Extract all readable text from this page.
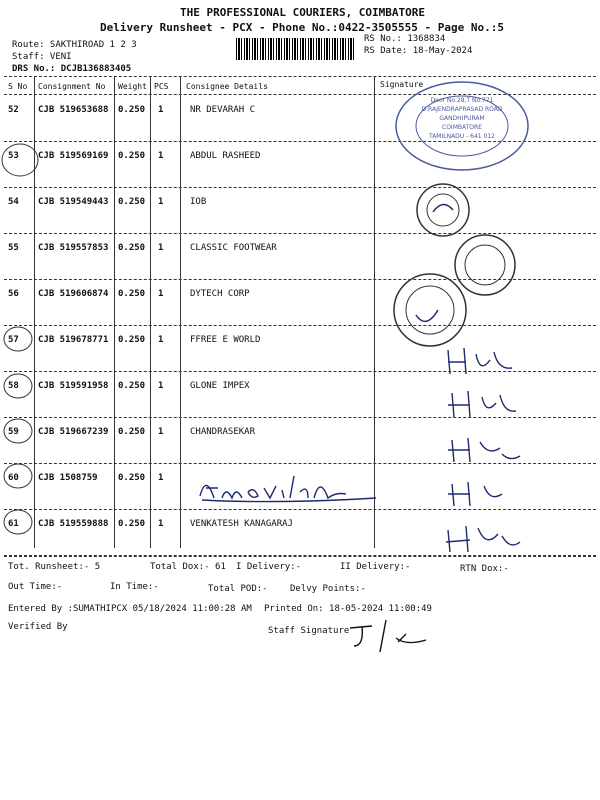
THE PROFESSIONAL COURIERS, COIMBATORE
Delivery Runsheet - PCX - Phone No.:0422-3505555 - Page No.:5
Route: SAKTHIROAD 1 2 3
Staff: VENI
DRS No.: DCJB136883405
RS No.: 1368834
RS Date: 18-May-2024
S No Consignment No Weight PCS Consignee Details	Signature
52 CJB 519653688 0.250 1	NR DEVARAH C
53 CJB 519569169 0.250 1	ABDUL RASHEED
54 CJB 519549443 0.250 1	IOB
55 CJB 519557853 0.250 1	CLASSIC FOOTWEAR
56 CJB 519606874 0.250 1	DYTECH CORP
57 CJB 519678771 0.250 1	FFREE E WORLD
58 CJB 519591958 0.250 1	GLONE IMPEX
59 CJB 519667239 0.250 1	CHANDRASEKAR
60 CJB 1508759 0.250 1
61 CJB 519559888 0.250 1	VENKATESH KANAGARAJ
Door No.28,T No.771
D.RAJENDRAPRASAD ROAD
GANDHIPURAM
COIMBATORE
TAMILNADU - 641 012
Tot. Runsheet:- 5	Total Dox:- 61 I Delivery:-	II Delivery:-	RTN Dox:-
Out Time:-	In Time:-	Total POD:- Delvy Points:-
Entered By :SUMATHIPCX 05/18/2024 11:00:28 AM Printed On: 18-05-2024 11:00:49
Verified By	Staff Signature
